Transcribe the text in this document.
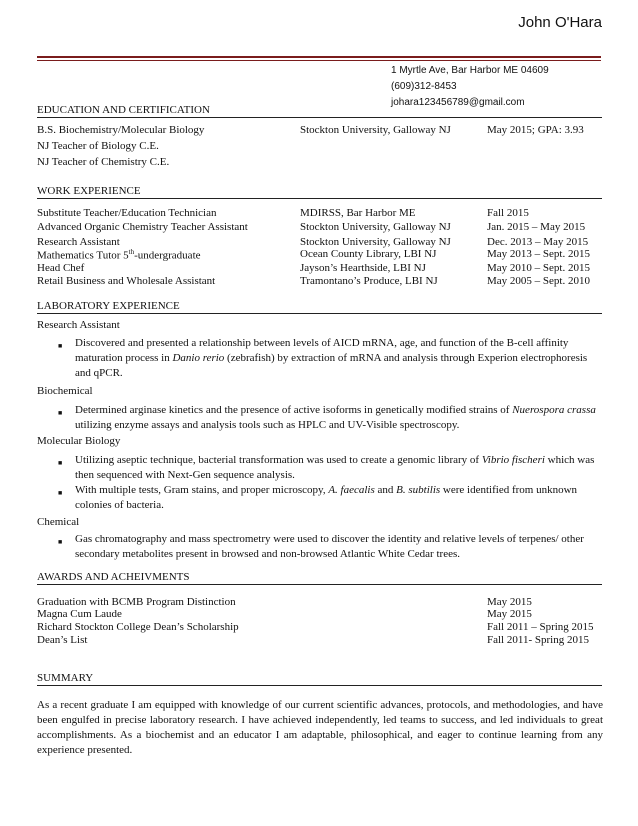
John O'Hara
1 Myrtle Ave, Bar Harbor ME 04609
(609)312-8453
johara123456789@gmail.com
EDUCATION AND CERTIFICATION
B.S. Biochemistry/Molecular Biology	Stockton University, Galloway NJ	May 2015; GPA: 3.93
NJ Teacher of Biology C.E.
NJ Teacher of Chemistry C.E.
WORK EXPERIENCE
Substitute Teacher/Education Technician	MDIRSS, Bar Harbor ME	Fall 2015
Advanced Organic Chemistry Teacher Assistant	Stockton University, Galloway NJ	Jan. 2015 – May 2015
Research Assistant	Stockton University, Galloway NJ	Dec. 2013 – May 2015
Mathematics Tutor 5th-undergraduate	Ocean County Library, LBI NJ	May 2013 – Sept. 2015
Head Chef	Jayson’s Hearthside, LBI NJ	May 2010 – Sept. 2015
Retail Business and Wholesale Assistant	Tramontano’s Produce, LBI NJ	May 2005 – Sept. 2010
LABORATORY EXPERIENCE
Research Assistant
■	Discovered and presented a relationship between levels of AICD mRNA, age, and function of the B-cell affinity maturation process in Danio rerio (zebrafish) by extraction of mRNA and analysis through Experion electrophoresis and qPCR.
Biochemical
■	Determined arginase kinetics and the presence of active isoforms in genetically modified strains of Nuerospora crassa utilizing enzyme assays and analysis tools such as HPLC and UV-Visible spectroscopy.
Molecular Biology
■	Utilizing aseptic technique, bacterial transformation was used to create a genomic library of Vibrio fischeri which was then sequenced with Next-Gen sequence analysis.
■	With multiple tests, Gram stains, and proper microscopy, A. faecalis and B. subtilis were identified from unknown colonies of bacteria.
Chemical
■	Gas chromatography and mass spectrometry were used to discover the identity and relative levels of terpenes/ other secondary metabolites present in browsed and non-browsed Atlantic White Cedar trees.
AWARDS AND ACHEIVMENTS
Graduation with BCMB Program Distinction	May 2015
Magna Cum Laude	May 2015
Richard Stockton College Dean’s Scholarship	Fall 2011 – Spring 2015
Dean’s List	Fall 2011- Spring 2015
SUMMARY
As a recent graduate I am equipped with knowledge of our current scientific advances, protocols, and methodologies, and have been engulfed in precise laboratory research. I have achieved independently, led teams to success, and led individuals to great accomplishments. As a biochemist and an educator I am adaptable, philosophical, and eager to continue learning from any experience presented.
